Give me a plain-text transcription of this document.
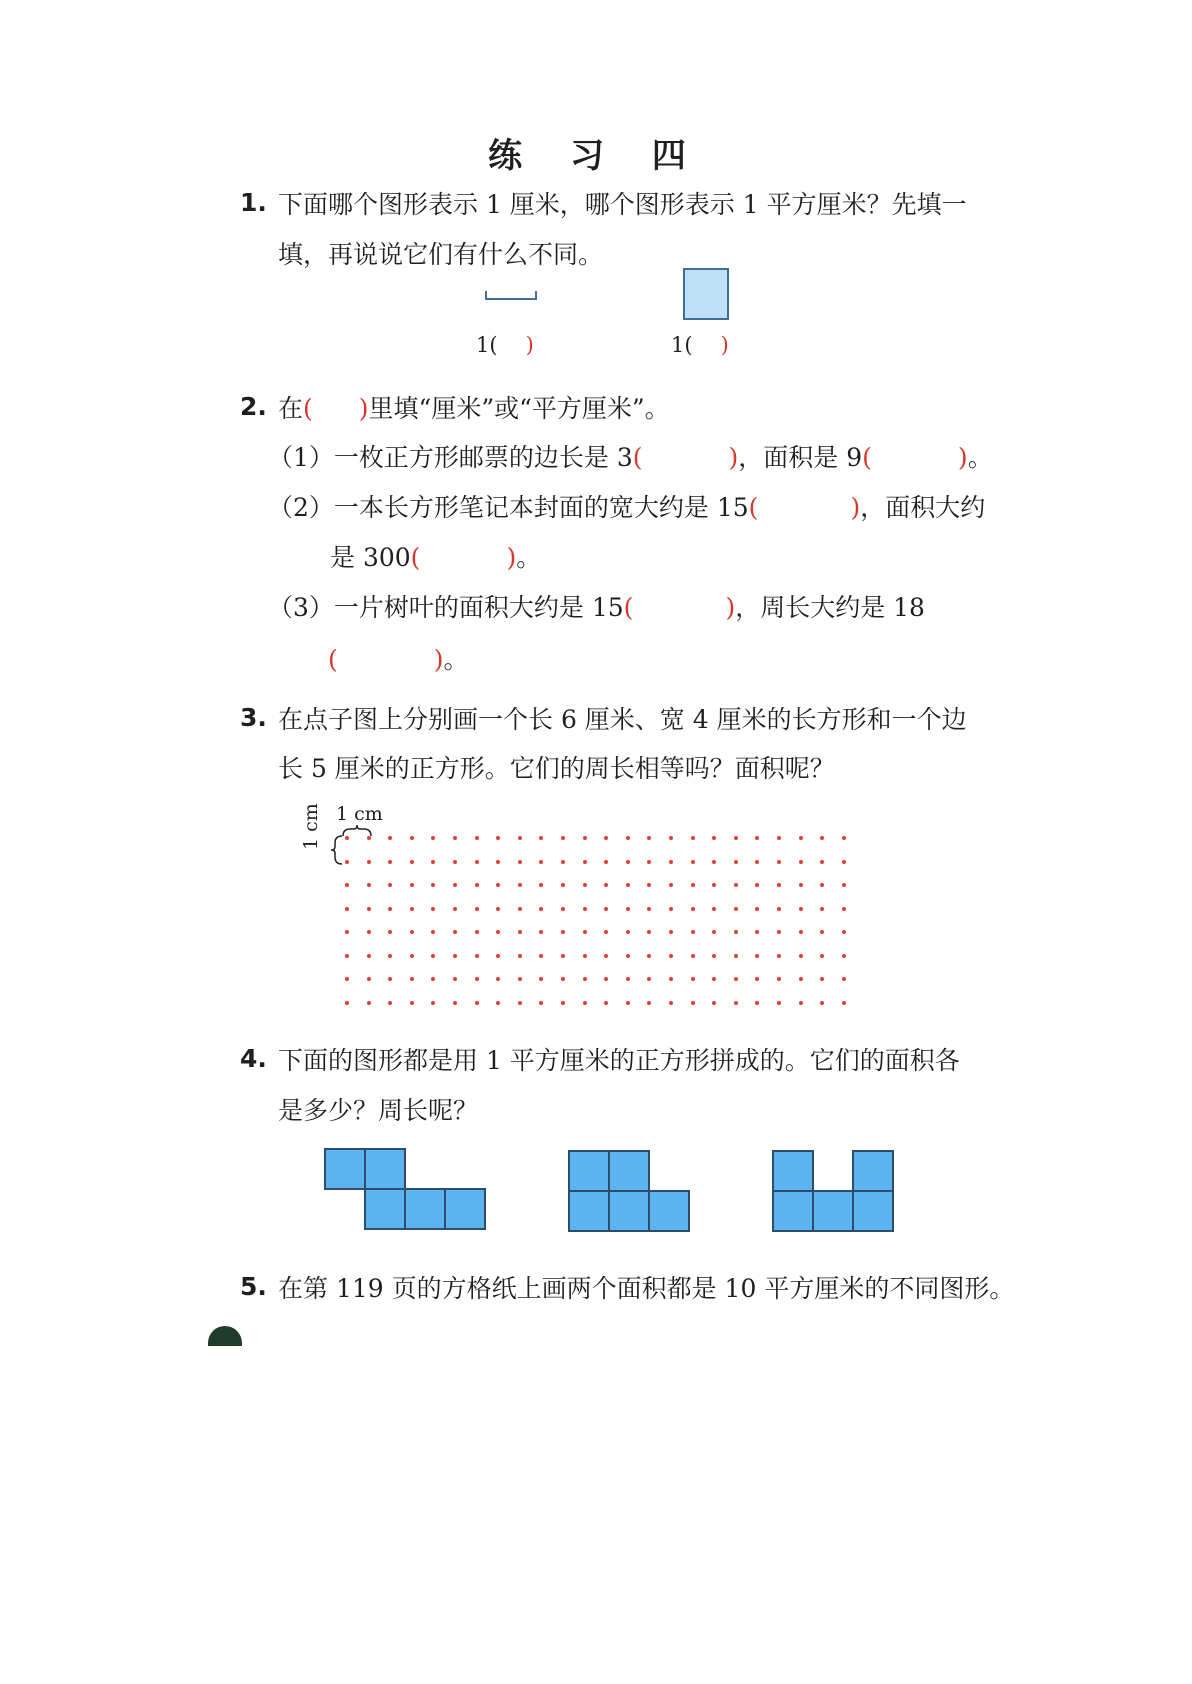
练 习 四
1. 下面哪个图形表示 1 厘米，哪个图形表示 1 平方厘米？先填一
填，再说说它们有什么不同。
1( )	1( )
2. 在( )里填“厘米”或“平方厘米”。
（1）一枚正方形邮票的边长是 3(	)，面积是 9(	)。
（2）一本长方形笔记本封面的宽大约是 15(	)，面积大约
是 300(	)。
（3）一片树叶的面积大约是 15(	)，周长大约是 18
(	)。
3. 在点子图上分别画一个长 6 厘米、宽 4 厘米的长方形和一个边
长 5 厘米的正方形。它们的周长相等吗？面积呢？
1 cm
1 cm
4. 下面的图形都是用 1 平方厘米的正方形拼成的。它们的面积各
是多少？周长呢？
5. 在第 119 页的方格纸上画两个面积都是 10 平方厘米的不同图形。
